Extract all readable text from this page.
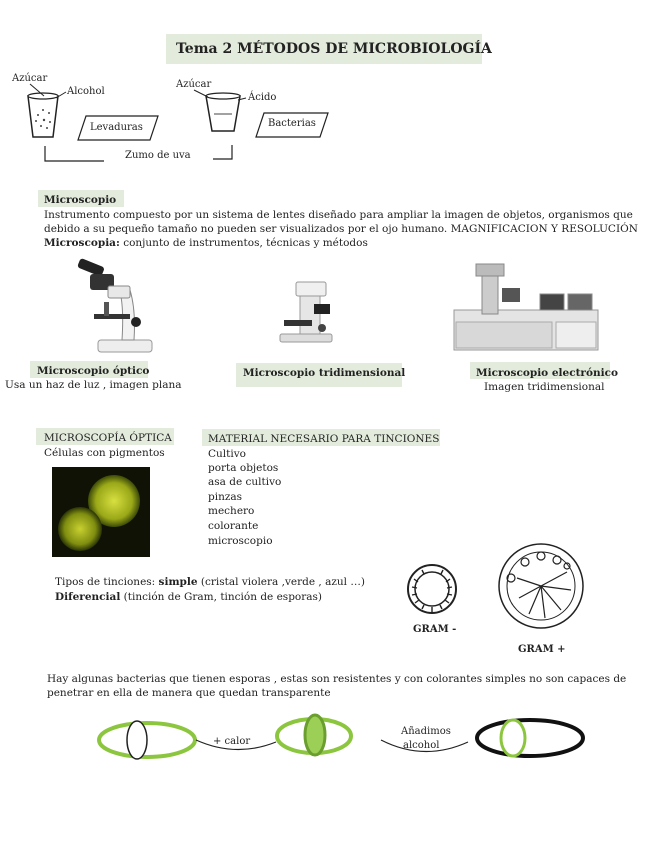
Tema 2 MÉTODOS DE MICROBIOLOGÍA
Azúcar
Alcohol
Azúcar
Ácido
Levaduras	Bacterias
Zumo de uva
Microscopio
Instrumento compuesto por un sistema de lentes diseñado para ampliar la imagen de objetos, organismos que
debido a su pequeño tamaño no pueden ser visualizados por el ojo humano. MAGNIFICACION Y RESOLUCIÓN
Microscopia: conjunto de instrumentos, técnicas y métodos
Microscopio óptico
Usa un haz de luz , imagen plana
Microscopio tridimensional	Microscopio electrónico
Imagen tridimensional
MICROSCOPÍA ÓPTICA
Células con pigmentos
MATERIAL NECESARIO PARA TINCIONES
Cultivo
porta objetos
asa de cultivo
pinzas
mechero
colorante
microscopio
Tipos de tinciones: simple (cristal violera ,verde , azul …)
Diferencial (tinción de Gram, tinción de esporas)
GRAM -
GRAM +
Hay algunas bacterias que tienen esporas , estas son resistentes y con colorantes simples no son capaces de
penetrar en ella de manera que quedan transparente
+ calor
Añadimos
alcohol
